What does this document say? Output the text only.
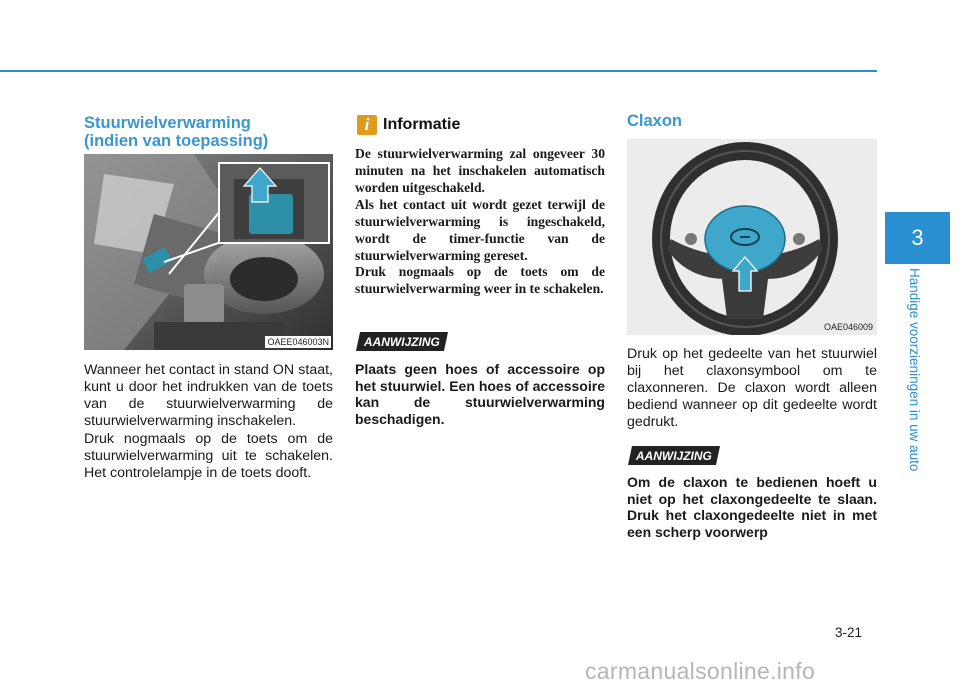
3
Handige voorzieningen in uw auto
Stuurwielverwarming
(indien van toepassing)
OAEE046003N

Wanneer het contact in stand ON staat, kunt u door het indrukken van de toets van de stuurwielverwarming de stuurwielverwarming inschakelen.

Druk nogmaals op de toets om de stuurwielverwarming uit te schakelen. Het controlelampje in de toets dooft.

i Informatie

De stuurwielverwarming zal ongeveer 30 minuten na het inschakelen automatisch worden uitgeschakeld.

Als het contact uit wordt gezet terwijl de stuurwielverwarming is ingeschakeld, wordt de timer-functie van de stuurwielverwarming gereset.

Druk nogmaals op de toets om de stuurwielverwarming weer in te schakelen.

AANWIJZING

Plaats geen hoes of accessoire op het stuurwiel. Een hoes of accessoire kan de stuurwielverwarming beschadigen.

Claxon
OAE046009

Druk op het gedeelte van het stuurwiel bij het claxonsymbool om te claxonneren. De claxon wordt alleen bediend wanneer op dit gedeelte wordt gedrukt.

AANWIJZING

Om de claxon te bedienen hoeft u niet op het claxongedeelte te slaan. Druk het claxongedeelte niet in met een scherp voorwerp

3-21
carmanualsonline.info
